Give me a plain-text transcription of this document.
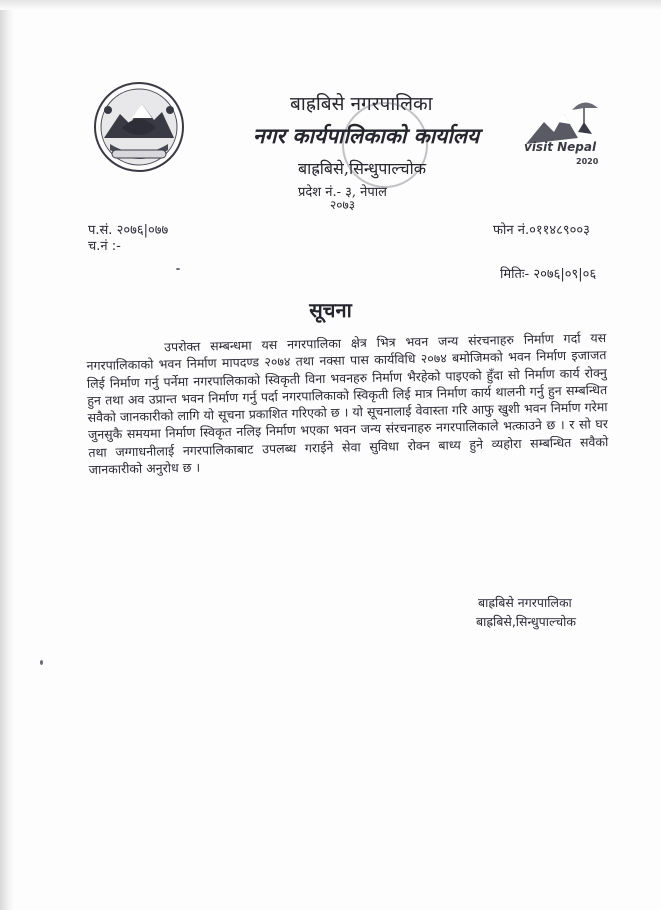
visit Nepal
2020
बाह्रबिसे नगरपालिका
नगर कार्यपालिकाको कार्यालय
बाह्रबिसे,सिन्धुपाल्चोक
प्रदेश नं.- ३, नेपाल
२०७३
प.सं. २०७६|०७७
च.नं :-
फोन नं.०११४८९००३
मितिः- २०७६|०९|०६
सूचना
उपरोक्त सम्बन्धमा यस नगरपालिका क्षेत्र भित्र भवन जन्य संरचनाहरु निर्माण गर्दा यस नगरपालिकाको भवन निर्माण मापदण्ड २०७४ तथा नक्सा पास कार्यविधि २०७४ बमोजिमको भवन निर्माण इजाजत लिई निर्माण गर्नु पर्नेमा नगरपालिकाको स्विकृती विना भवनहरु निर्माण भैरहेको पाइएको हुँदा सो निर्माण कार्य रोक्नु हुन तथा अव उप्रान्त भवन निर्माण गर्नु पर्दा नगरपालिकाको स्विकृती लिई मात्र निर्माण कार्य थालनी गर्नु हुन सम्बन्धित सवैको जानकारीको लागि यो सूचना प्रकाशित गरिएको छ । यो सूचनालाई वेवास्ता गरि आफु खुशी भवन निर्माण गरेमा जुनसुकै समयमा निर्माण स्विकृत नलिइ निर्माण भएका भवन जन्य संरचनाहरु नगरपालिकाले भत्काउने छ । र सो घर तथा जग्गाधनीलाई नगरपालिकाबाट उपलब्ध गराईने सेवा सुविधा रोक्न बाध्य हुने व्यहोरा सम्बन्धित सवैको जानकारीको अनुरोध छ ।
बाह्रबिसे नगरपालिका
बाह्रबिसे,सिन्धुपाल्चोक
